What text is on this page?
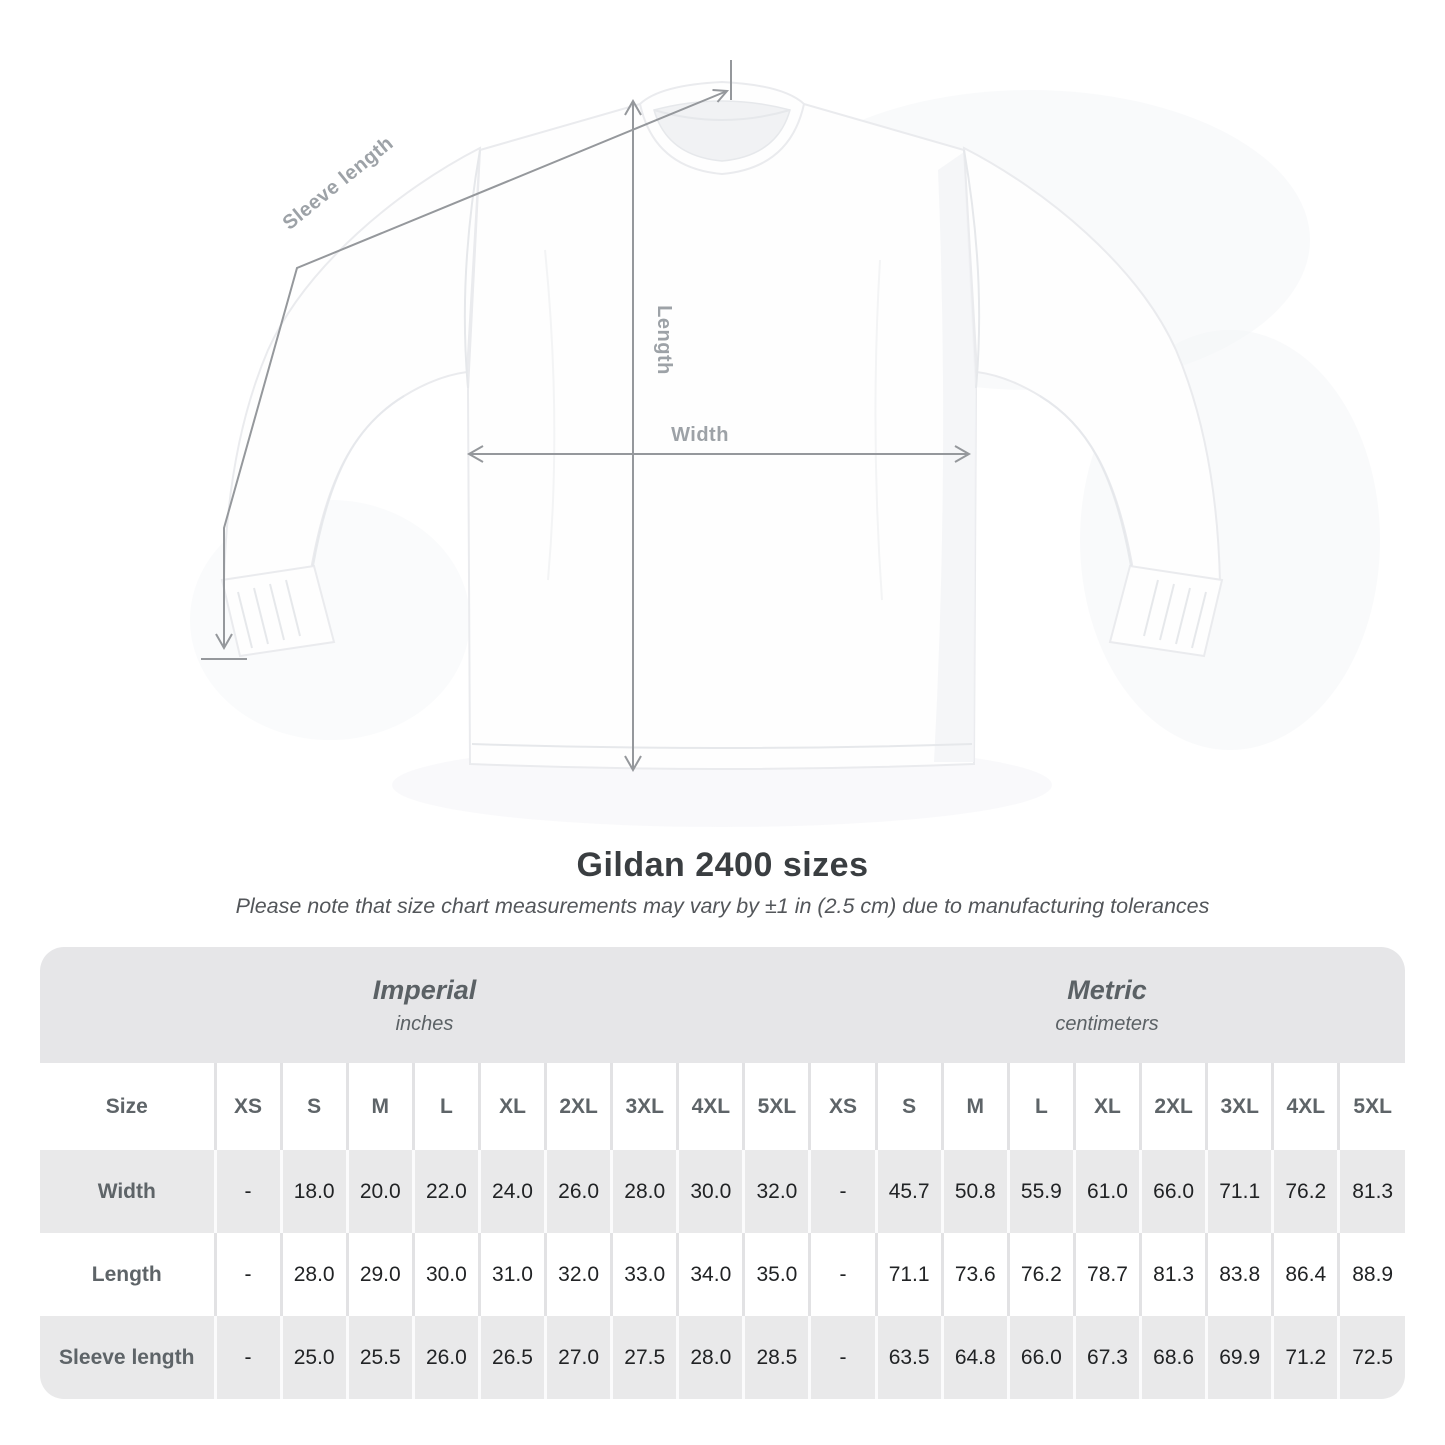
Sleeve length
Length
Width
Gildan 2400 sizes

Please note that size chart measurements may vary by ±1 in (2.5 cm) due to manufacturing tolerances

Imperial
inches
Metric
centimeters
Size	XS	S	M	L	XL	2XL	3XL	4XL	5XL	XS	S	M	L	XL	2XL	3XL	4XL	5XL
Width	-	18.0	20.0	22.0	24.0	26.0	28.0	30.0	32.0	-	45.7	50.8	55.9	61.0	66.0	71.1	76.2	81.3
Length	-	28.0	29.0	30.0	31.0	32.0	33.0	34.0	35.0	-	71.1	73.6	76.2	78.7	81.3	83.8	86.4	88.9
Sleeve length	-	25.0	25.5	26.0	26.5	27.0	27.5	28.0	28.5	-	63.5	64.8	66.0	67.3	68.6	69.9	71.2	72.5
